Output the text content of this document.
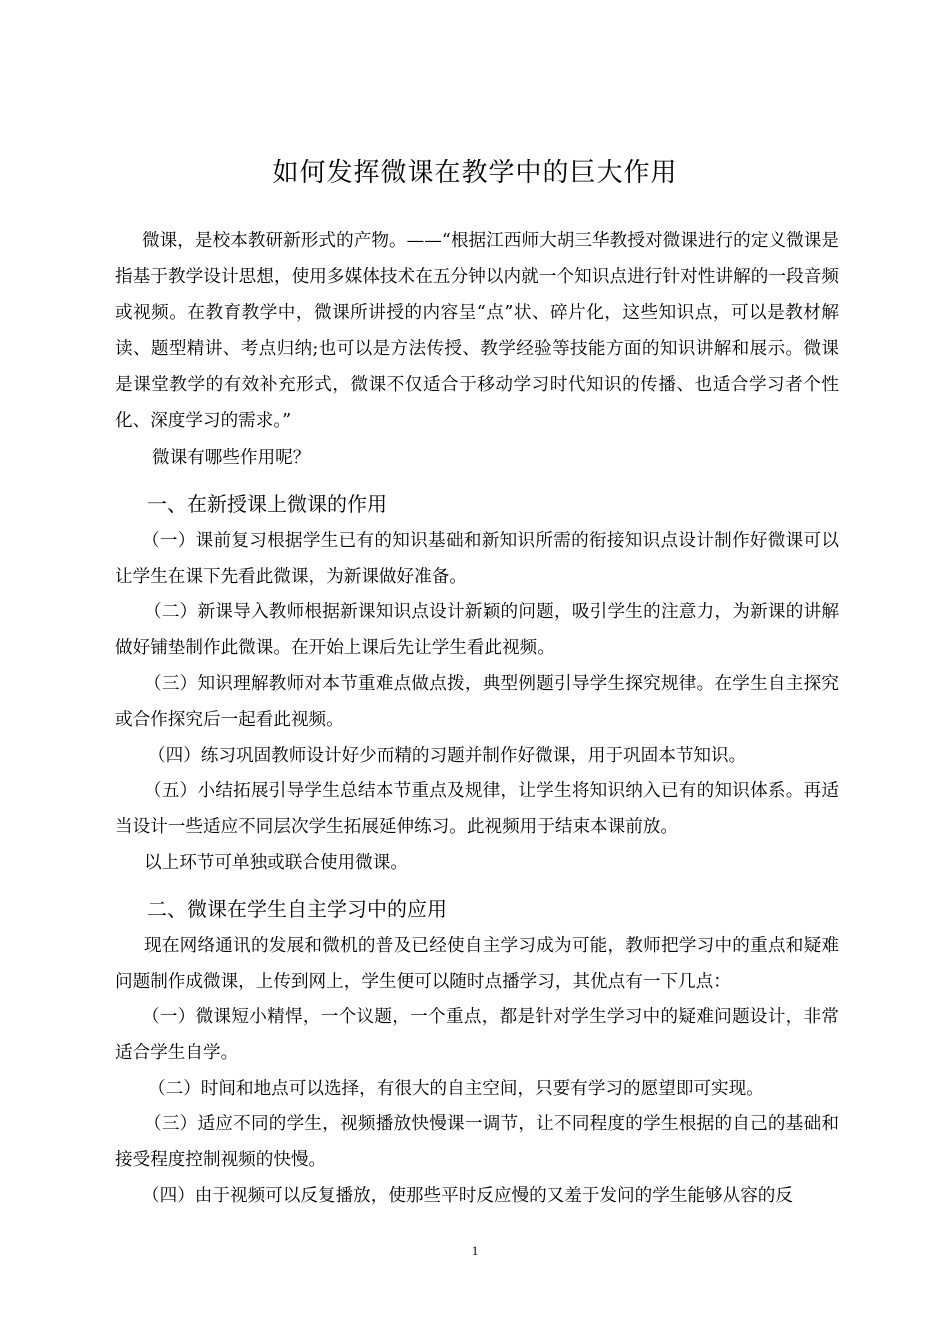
如何发挥微课在教学中的巨大作用
微课，是校本教研新形式的产物。——“根据江西师大胡三华教授对微课进行的定义微课是指基于教学设计思想，使用多媒体技术在五分钟以内就一个知识点进行针对性讲解的一段音频或视频。在教育教学中，微课所讲授的内容呈“点”状、碎片化，这些知识点，可以是教材解读、题型精讲、考点归纳;也可以是方法传授、教学经验等技能方面的知识讲解和展示。微课是课堂教学的有效补充形式，微课不仅适合于移动学习时代知识的传播、也适合学习者个性化、深度学习的需求。”
微课有哪些作用呢？
一、在新授课上微课的作用
（一）课前复习根据学生已有的知识基础和新知识所需的衔接知识点设计制作好微课可以让学生在课下先看此微课，为新课做好准备。
（二）新课导入教师根据新课知识点设计新颖的问题，吸引学生的注意力，为新课的讲解做好铺垫制作此微课。在开始上课后先让学生看此视频。
（三）知识理解教师对本节重难点做点拨，典型例题引导学生探究规律。在学生自主探究或合作探究后一起看此视频。
（四）练习巩固教师设计好少而精的习题并制作好微课，用于巩固本节知识。
（五）小结拓展引导学生总结本节重点及规律，让学生将知识纳入已有的知识体系。再适当设计一些适应不同层次学生拓展延伸练习。此视频用于结束本课前放。
以上环节可单独或联合使用微课。
二、微课在学生自主学习中的应用
现在网络通讯的发展和微机的普及已经使自主学习成为可能，教师把学习中的重点和疑难问题制作成微课，上传到网上，学生便可以随时点播学习，其优点有一下几点：
（一）微课短小精悍，一个议题，一个重点，都是针对学生学习中的疑难问题设计，非常适合学生自学。
（二）时间和地点可以选择，有很大的自主空间，只要有学习的愿望即可实现。
（三）适应不同的学生，视频播放快慢课一调节，让不同程度的学生根据的自己的基础和接受程度控制视频的快慢。
（四）由于视频可以反复播放，使那些平时反应慢的又羞于发问的学生能够从容的反
1
